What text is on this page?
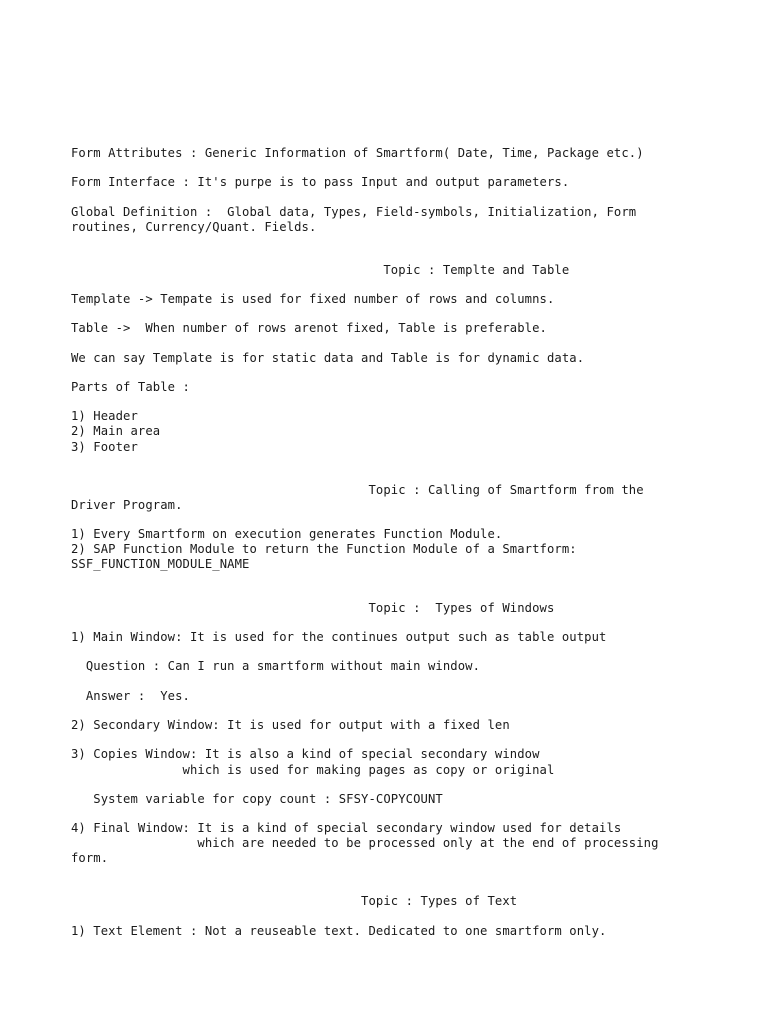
Form Attributes : Generic Information of Smartform( Date, Time, Package etc.)
Form Interface : It's purpe is to pass Input and output parameters.
Global Definition :  Global data, Types, Field-symbols, Initialization, Form
routines, Currency/Quant. Fields.
Topic : Templte and Table
Template -> Tempate is used for fixed number of rows and columns.
Table ->  When number of rows arenot fixed, Table is preferable.
We can say Template is for static data and Table is for dynamic data.
Parts of Table :
1) Header
2) Main area
3) Footer
Topic : Calling of Smartform from the
Driver Program.
1) Every Smartform on execution generates Function Module.
2) SAP Function Module to return the Function Module of a Smartform:
SSF_FUNCTION_MODULE_NAME
Topic :  Types of Windows
1) Main Window: It is used for the continues output such as table output
Question : Can I run a smartform without main window.
Answer :  Yes.
2) Secondary Window: It is used for output with a fixed len
3) Copies Window: It is also a kind of special secondary window
which is used for making pages as copy or original
System variable for copy count : SFSY-COPYCOUNT
4) Final Window: It is a kind of special secondary window used for details
which are needed to be processed only at the end of processing
form.
Topic : Types of Text
1) Text Element : Not a reuseable text. Dedicated to one smartform only.
